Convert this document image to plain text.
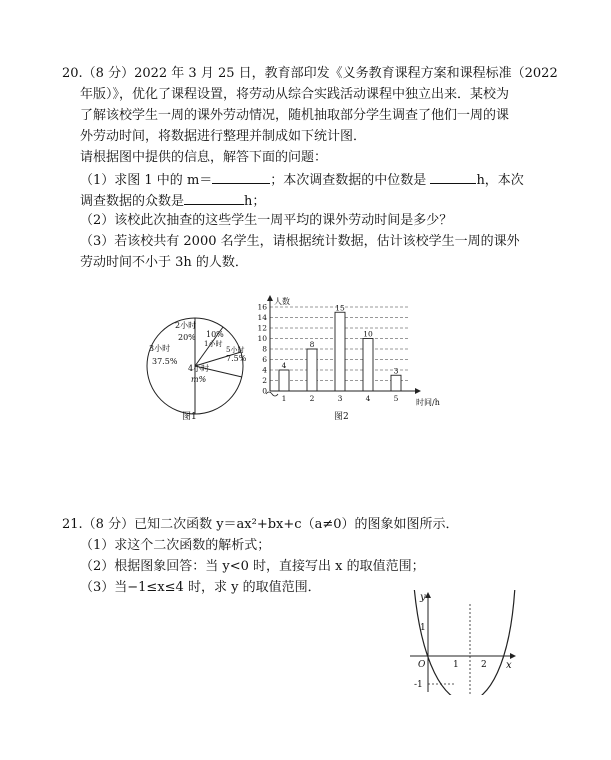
20.（8 分）2022 年 3 月 25 日，教育部印发《义务教育课程方案和课程标准（2022
年版）》，优化了课程设置，将劳动从综合实践活动课程中独立出来．某校为
了解该校学生一周的课外劳动情况，随机抽取部分学生调查了他们一周的课
外劳动时间，将数据进行整理并制成如下统计图．
请根据图中提供的信息，解答下面的问题：
（1）求图 1 中的 m＝	；本次调查数据的中位数是	h，本次
调查数据的众数是	h；
（2）该校此次抽查的这些学生一周平均的课外劳动时间是多少？
（3）若该校共有 2000 名学生，请根据统计数据，估计该校学生一周的课外
劳动时间不小于 3h 的人数．
2小时
20% 10%
1小时
3小时
37.5%
5小时
7.5%
4小时
m%
图1
0
2
4
6
8
10
12
14
16
1	2	3	4	5
4
8
15
10
3
人数
时间/h
图2
21.（8 分）已知二次函数 y＝ax²+bx+c（a≠0）的图象如图所示．
（1）求这个二次函数的解析式；
（2）根据图象回答：当 y<0 时，直接写出 x 的取值范围；
（3）当−1≤x≤4 时，求 y 的取值范围．
y
x
O	1 2
1
-1
